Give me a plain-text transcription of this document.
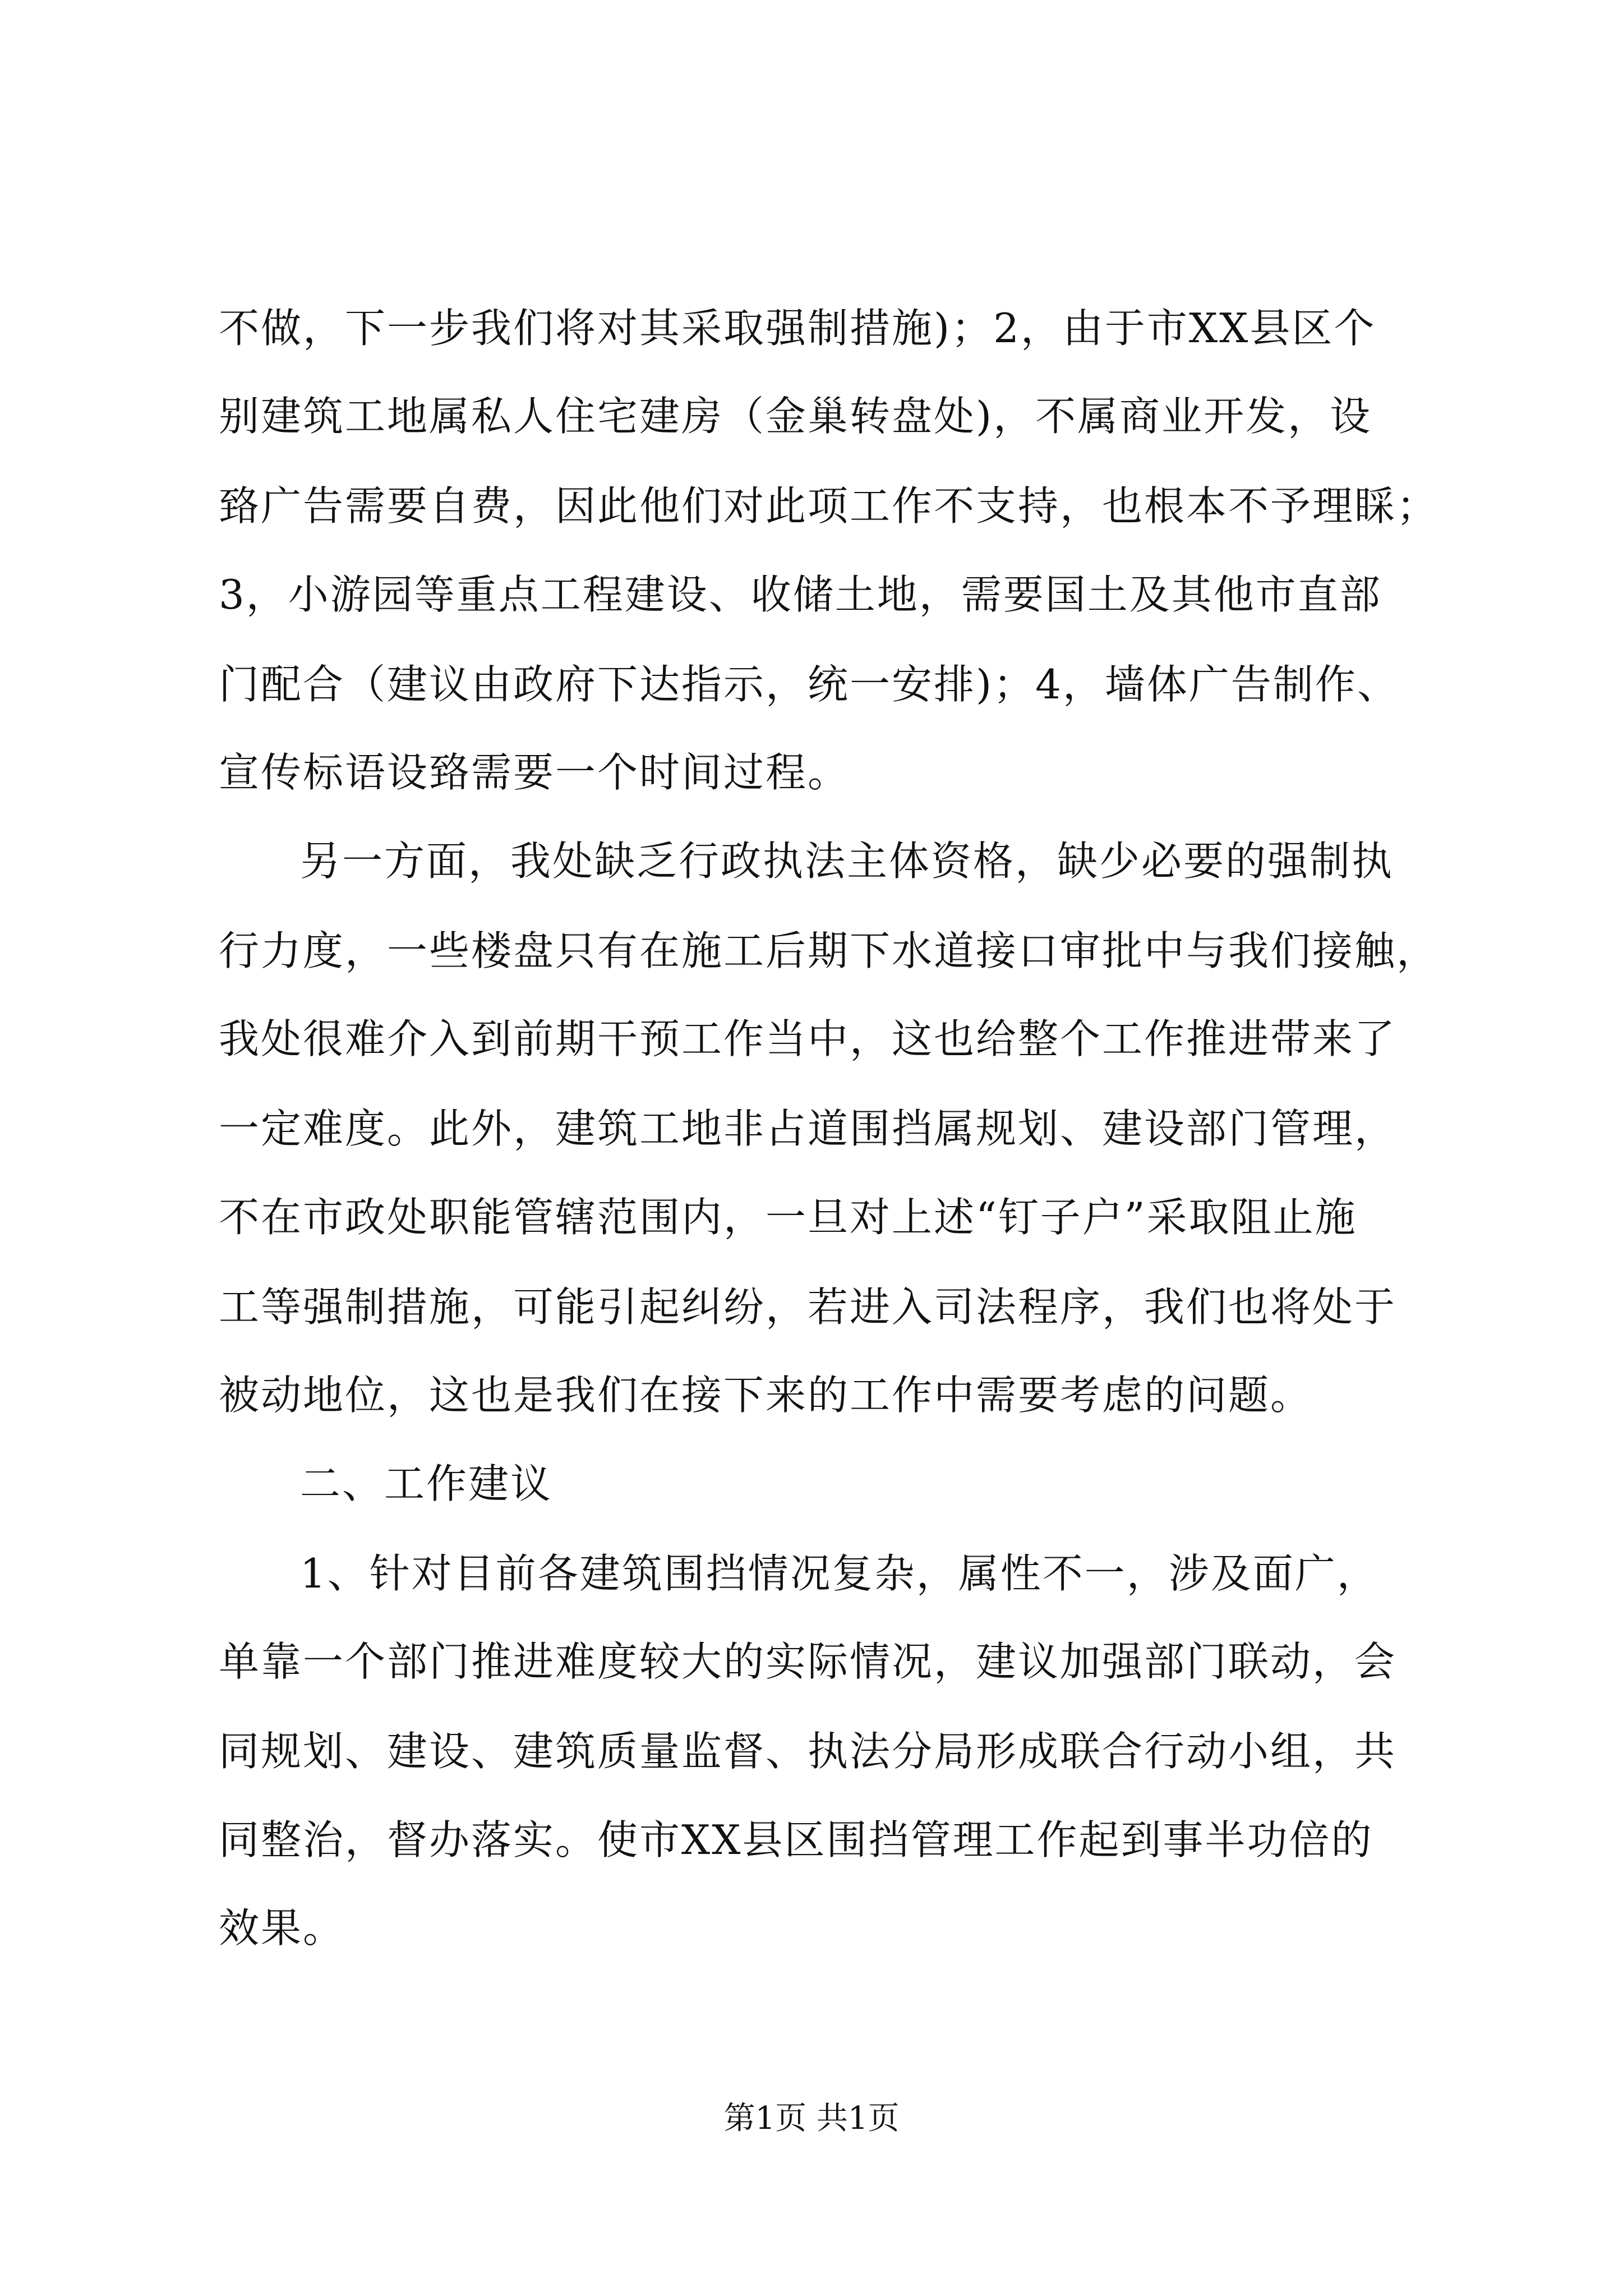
不做，下一步我们将对其采取强制措施)；2，由于市XX县区个
别建筑工地属私人住宅建房（金巢转盘处)，不属商业开发，设
臵广告需要自费，因此他们对此项工作不支持，也根本不予理睬；
3，小游园等重点工程建设、收储土地，需要国土及其他市直部
门配合（建议由政府下达指示，统一安排)；4，墙体广告制作、
宣传标语设臵需要一个时间过程。
另一方面，我处缺乏行政执法主体资格，缺少必要的强制执
行力度，一些楼盘只有在施工后期下水道接口审批中与我们接触，
我处很难介入到前期干预工作当中，这也给整个工作推进带来了
一定难度。此外，建筑工地非占道围挡属规划、建设部门管理，
不在市政处职能管辖范围内，一旦对上述“钉子户”采取阻止施
工等强制措施，可能引起纠纷，若进入司法程序，我们也将处于
被动地位，这也是我们在接下来的工作中需要考虑的问题。
二、工作建议
1、针对目前各建筑围挡情况复杂，属性不一，涉及面广，
单靠一个部门推进难度较大的实际情况，建议加强部门联动，会
同规划、建设、建筑质量监督、执法分局形成联合行动小组，共
同整治，督办落实。使市XX县区围挡管理工作起到事半功倍的
效果。
第1页 共1页
